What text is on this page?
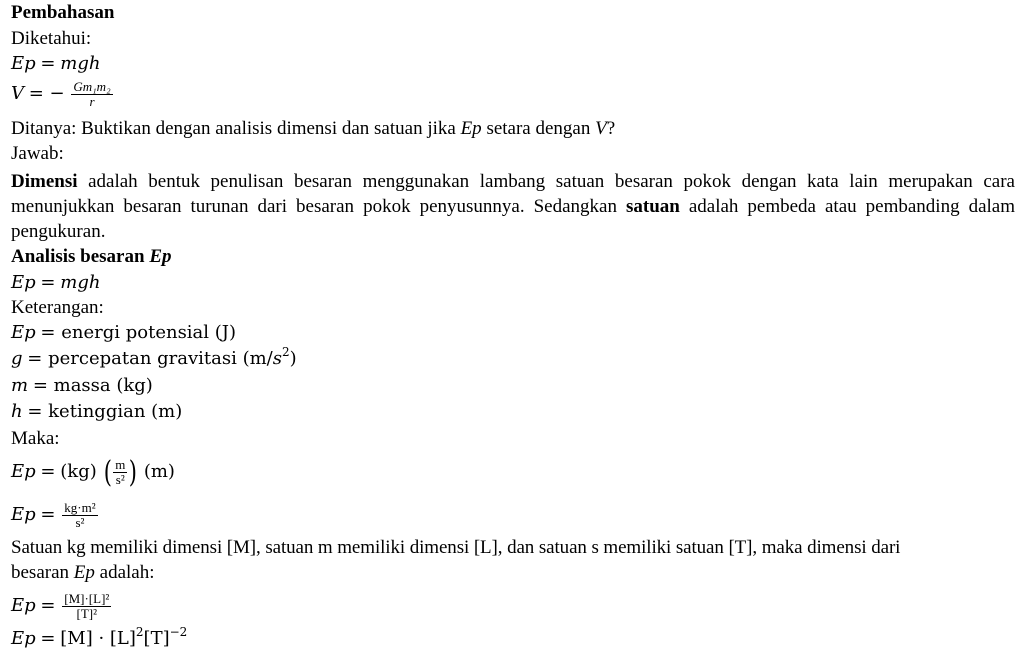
Pembahasan
Diketahui:
Ep = mgh
V = − $\frac{\text{Gm₁m₂}}{r}$
Ditanya: Buktikan dengan analisis dimensi dan satuan jika Ep setara dengan V?
Jawab:
Dimensi adalah bentuk penulisan besaran menggunakan lambang satuan besaran pokok dengan kata lain merupakan cara menunjukkan besaran turunan dari besaran pokok penyusunnya. Sedangkan satuan adalah pembeda atau pembanding dalam pengukuran.
Analisis besaran Ep
Ep = mgh
Keterangan:
Ep = energi potensial (J)
g = percepatan gravitasi $(m/s^2)$
m = massa (kg)
h = ketinggian (m)
Maka:
Ep = (kg) ( $\frac{m}{\text{s²}}$ ) (m)
$Ep = \frac{\text{kg·m²}}{\text{s²}}$
Satuan kg memiliki dimensi [M], satuan m memiliki dimensi [L], dan satuan s memiliki satuan [T], maka dimensi dari
besaran Ep adalah:
$Ep = \frac{\text{[M]·[L]²}}{\text{[T]²}}$
$Ep = [M] \cdot [L]^2[T]^{-2}$
